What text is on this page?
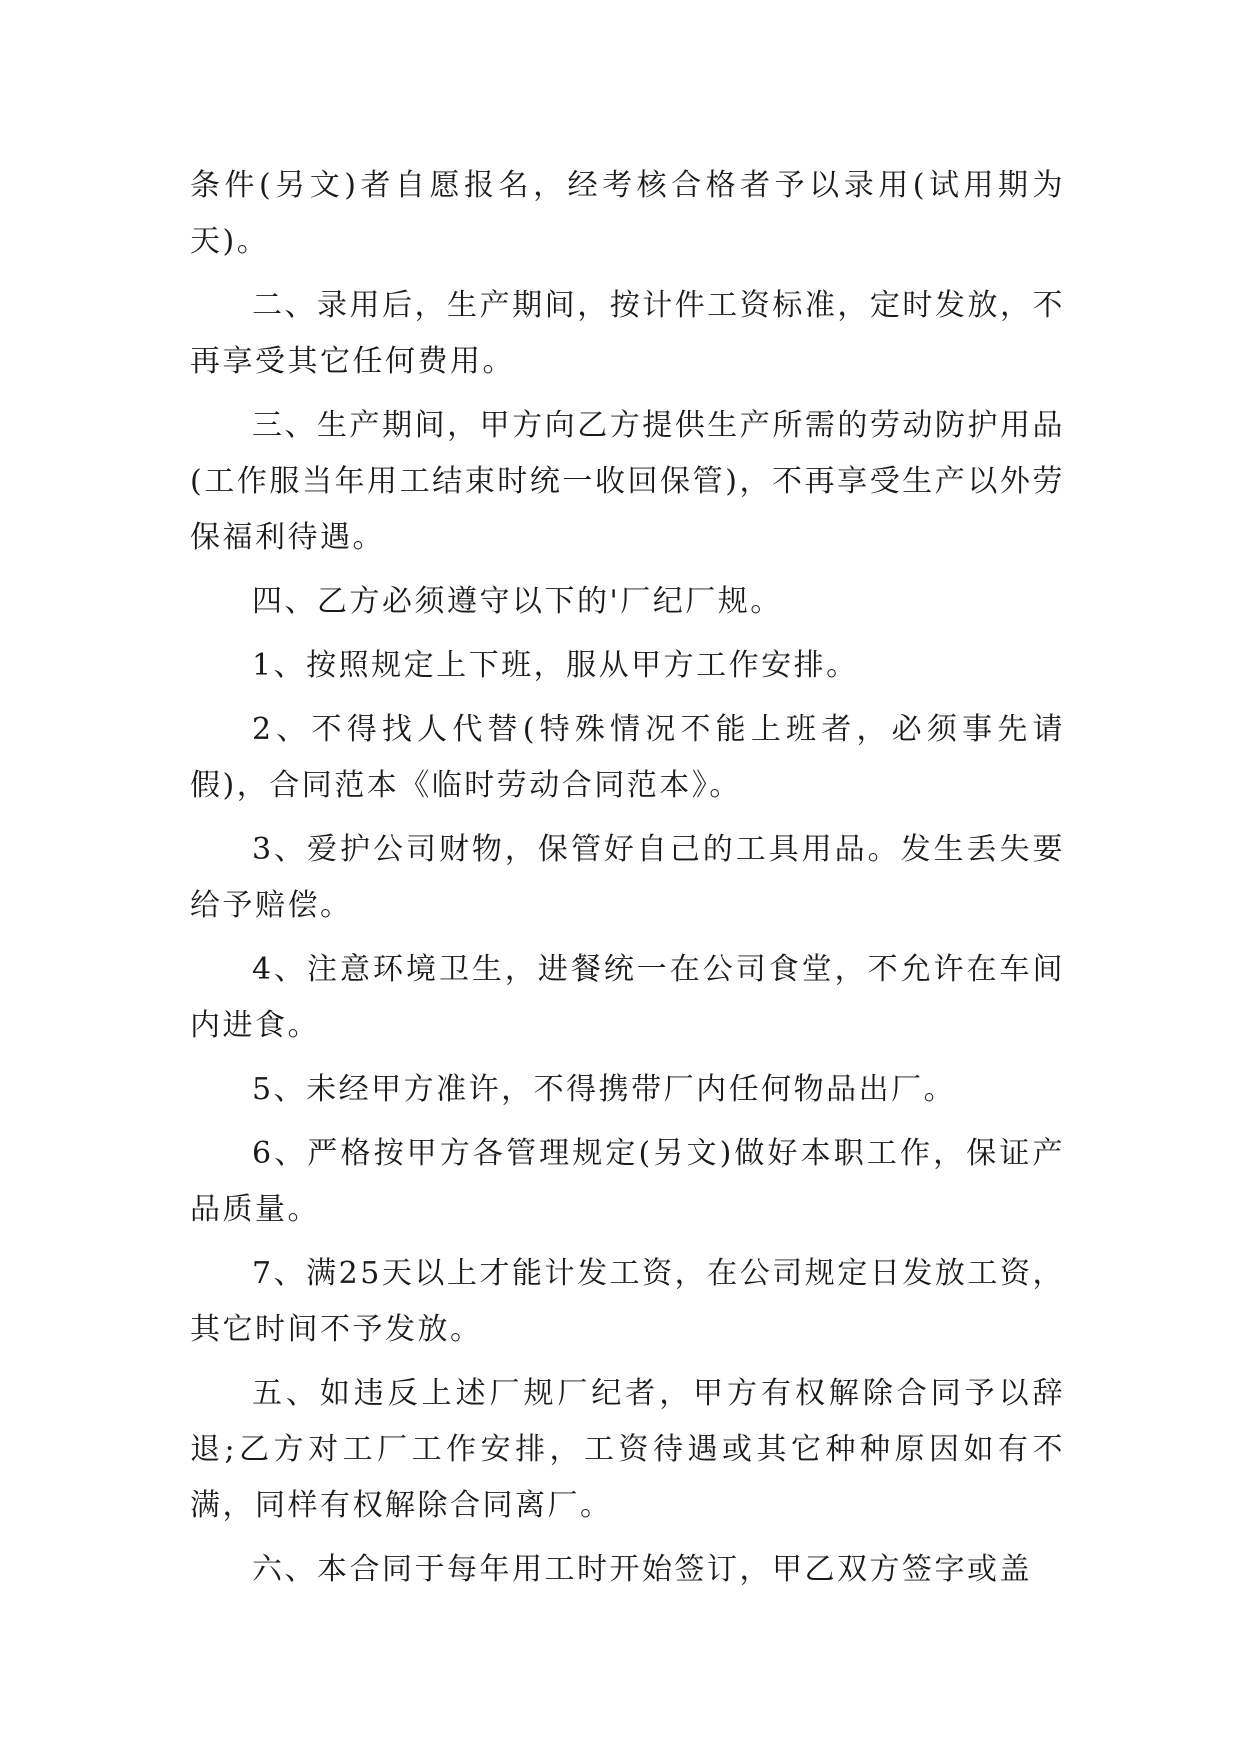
条件(另文)者自愿报名，经考核合格者予以录用(试用期为天)。

二、录用后，生产期间，按计件工资标准，定时发放，不再享受其它任何费用。

三、生产期间，甲方向乙方提供生产所需的劳动防护用品(工作服当年用工结束时统一收回保管)，不再享受生产以外劳保福利待遇。

四、乙方必须遵守以下的'厂纪厂规。

1、按照规定上下班，服从甲方工作安排。

2、不得找人代替(特殊情况不能上班者，必须事先请假)，合同范本《临时劳动合同范本》。

3、爱护公司财物，保管好自己的工具用品。发生丢失要给予赔偿。

4、注意环境卫生，进餐统一在公司食堂，不允许在车间内进食。

5、未经甲方准许，不得携带厂内任何物品出厂。

6、严格按甲方各管理规定(另文)做好本职工作，保证产品质量。

7、满25天以上才能计发工资，在公司规定日发放工资，其它时间不予发放。

五、如违反上述厂规厂纪者，甲方有权解除合同予以辞退;乙方对工厂工作安排，工资待遇或其它种种原因如有不满，同样有权解除合同离厂。

六、本合同于每年用工时开始签订，甲乙双方签字或盖
